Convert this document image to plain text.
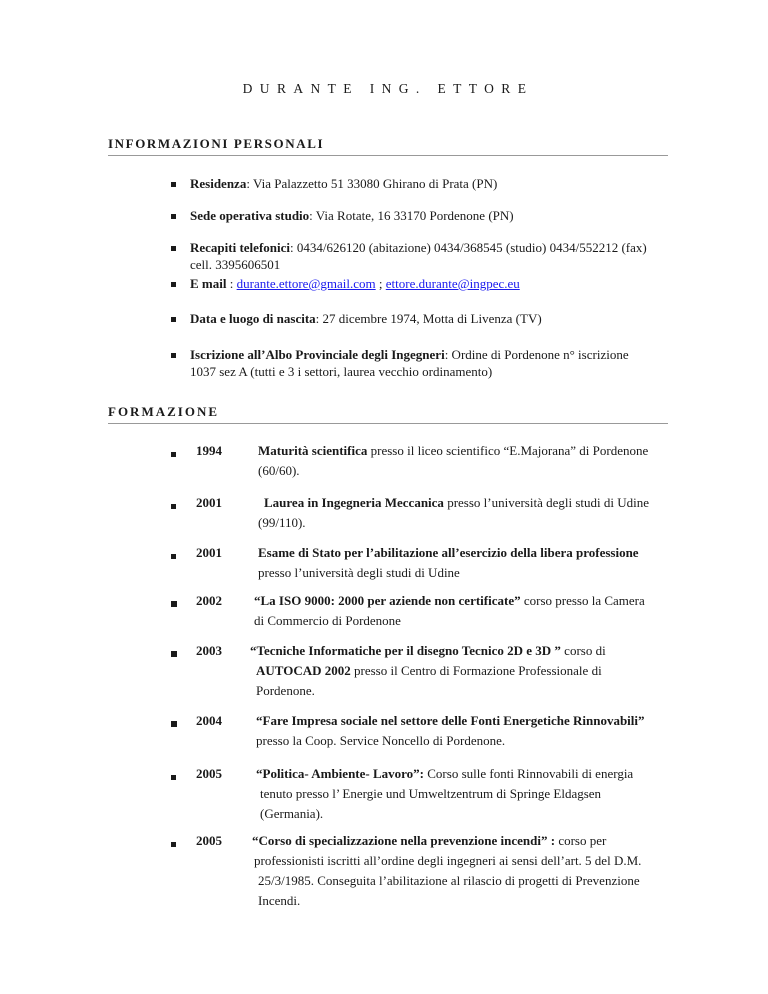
DURANTE ING. ETTORE
INFORMAZIONI PERSONALI
Residenza: Via Palazzetto 51 33080 Ghirano di Prata (PN)
Sede operativa studio: Via Rotate, 16 33170 Pordenone (PN)
Recapiti telefonici: 0434/626120 (abitazione) 0434/368545 (studio) 0434/552212 (fax)
cell. 3395606501
E mail : durante.ettore@gmail.com ; ettore.durante@ingpec.eu
Data e luogo di nascita: 27 dicembre 1974, Motta di Livenza (TV)
Iscrizione all’Albo Provinciale degli Ingegneri: Ordine di Pordenone n° iscrizione
1037 sez A (tutti e 3 i settori, laurea vecchio ordinamento)
FORMAZIONE
1994	Maturità scientifica presso il liceo scientifico “E.Majorana” di Pordenone
(60/60).
2001	Laurea in Ingegneria Meccanica presso l’università degli studi di Udine
(99/110).
2001	Esame di Stato per l’abilitazione all’esercizio della libera professione
presso l’università degli studi di Udine
2002 “La ISO 9000: 2000 per aziende non certificate” corso presso la Camera
di Commercio di Pordenone
2003 “Tecniche Informatiche per il disegno Tecnico 2D e 3D ” corso di
AUTOCAD 2002 presso il Centro di Formazione Professionale di
Pordenone.
2004	“Fare Impresa sociale nel settore delle Fonti Energetiche Rinnovabili”
presso la Coop. Service Noncello di Pordenone.
2005	“Politica- Ambiente- Lavoro”: Corso sulle fonti Rinnovabili di energia
tenuto presso l’ Energie und Umweltzentrum di Springe Eldagsen
(Germania).
2005 “Corso di specializzazione nella prevenzione incendi” : corso per
professionisti iscritti all’ordine degli ingegneri ai sensi dell’art. 5 del D.M.
25/3/1985. Conseguita l’abilitazione al rilascio di progetti di Prevenzione
Incendi.
